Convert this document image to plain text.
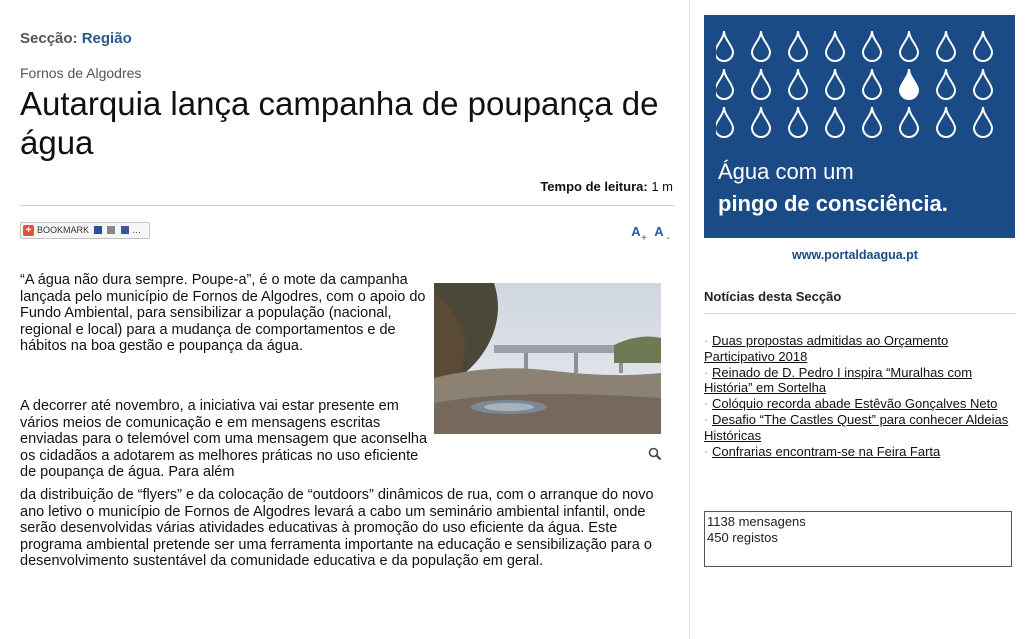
Secção: Região
Fornos de Algodres
Autarquia lança campanha de poupança de água
Tempo de leitura: 1 m
+ BOOKMARK	…	A + A -

“A água não dura sempre. Poupe-a”, é o mote da campanha lançada pelo município de Fornos de Algodres, com o apoio do Fundo Ambiental, para sensibilizar a população (nacional, regional e local) para a mudança de comportamentos e de hábitos na boa gestão e poupança da água.

A decorrer até novembro, a iniciativa vai estar presente em vários meios de comunicação e em mensagens escritas enviadas para o telemóvel com uma mensagem que aconselha os cidadãos a adotarem as melhores práticas no uso eficiente de poupança de água. Para além

da distribuição de “flyers” e da colocação de “outdoors” dinâmicos de rua, com o arranque do novo ano letivo o município de Fornos de Algodres levará a cabo um seminário ambiental infantil, onde serão desenvolvidas várias atividades educativas à promoção do uso eficiente da água. Este programa ambiental pretende ser uma ferramenta importante na educação e sensibilização para o desenvolvimento sustentável da comunidade educativa e da população em geral.

Água com um
pingo de consciência.
www.portaldaagua.pt
Notícias desta Secção
· Duas propostas admitidas ao Orçamento Participativo 2018
· Reinado de D. Pedro I inspira “Muralhas com História” em Sortelha
· Colóquio recorda abade Estêvão Gonçalves Neto
· Desafio “The Castles Quest” para conhecer Aldeias Históricas
· Confrarias encontram-se na Feira Farta
1138 mensagens
450 registos
